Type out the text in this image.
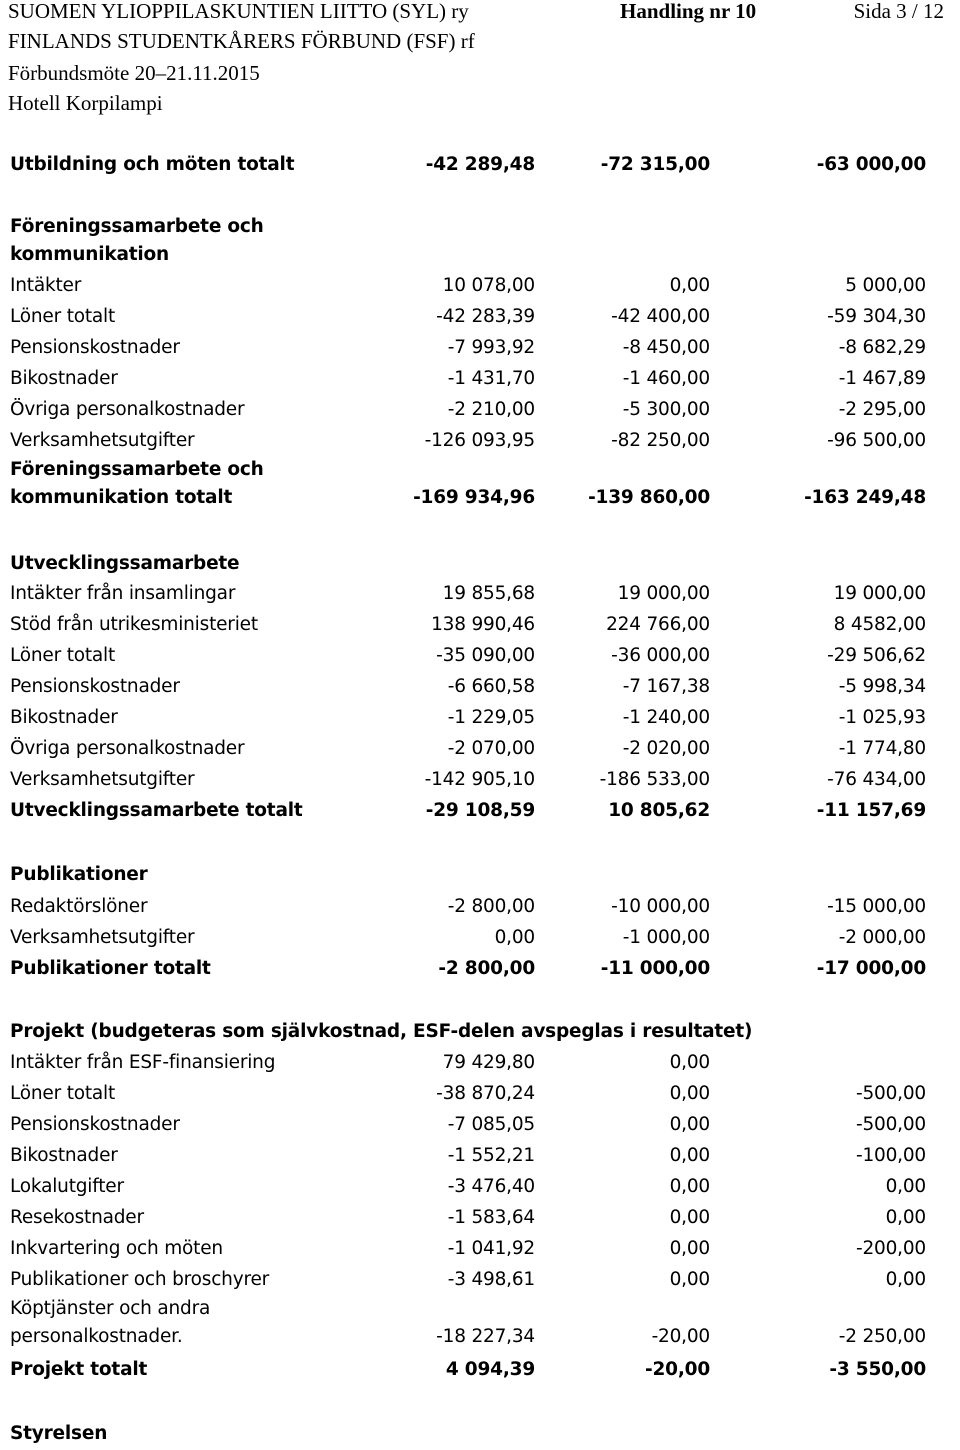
SUOMEN YLIOPPILASKUNTIEN LIITTO (SYL) ry	Handling nr 10	Sida 3 / 12
FINLANDS STUDENTKÅRERS FÖRBUND (FSF) rf
Förbundsmöte 20–21.11.2015
Hotell Korpilampi
Utbildning och möten totalt	-42 289,48	-72 315,00	-63 000,00
Föreningssamarbete och kommunikation
Intäkter	10 078,00	0,00	5 000,00
Löner totalt	-42 283,39	-42 400,00	-59 304,30
Pensionskostnader	-7 993,92	-8 450,00	-8 682,29
Bikostnader	-1 431,70	-1 460,00	-1 467,89
Övriga personalkostnader	-2 210,00	-5 300,00	-2 295,00
Verksamhetsutgifter	-126 093,95	-82 250,00	-96 500,00
Föreningssamarbete och kommunikation totalt	-169 934,96	-139 860,00	-163 249,48
Utvecklingssamarbete
Intäkter från insamlingar	19 855,68	19 000,00	19 000,00
Stöd från utrikesministeriet	138 990,46	224 766,00	8 4582,00
Löner totalt	-35 090,00	-36 000,00	-29 506,62
Pensionskostnader	-6 660,58	-7 167,38	-5 998,34
Bikostnader	-1 229,05	-1 240,00	-1 025,93
Övriga personalkostnader	-2 070,00	-2 020,00	-1 774,80
Verksamhetsutgifter	-142 905,10	-186 533,00	-76 434,00
Utvecklingssamarbete totalt	-29 108,59	10 805,62	-11 157,69
Publikationer
Redaktörslöner	-2 800,00	-10 000,00	-15 000,00
Verksamhetsutgifter	0,00	-1 000,00	-2 000,00
Publikationer totalt	-2 800,00	-11 000,00	-17 000,00
Projekt (budgeteras som självkostnad, ESF-delen avspeglas i resultatet)
Intäkter från ESF-finansiering	79 429,80	0,00
Löner totalt	-38 870,24	0,00	-500,00
Pensionskostnader	-7 085,05	0,00	-500,00
Bikostnader	-1 552,21	0,00	-100,00
Lokalutgifter	-3 476,40	0,00	0,00
Resekostnader	-1 583,64	0,00	0,00
Inkvartering och möten	-1 041,92	0,00	-200,00
Publikationer och broschyrer	-3 498,61	0,00	0,00
Köptjänster och andra personalkostnader.	-18 227,34	-20,00	-2 250,00
Projekt totalt	4 094,39	-20,00	-3 550,00
Styrelsen
